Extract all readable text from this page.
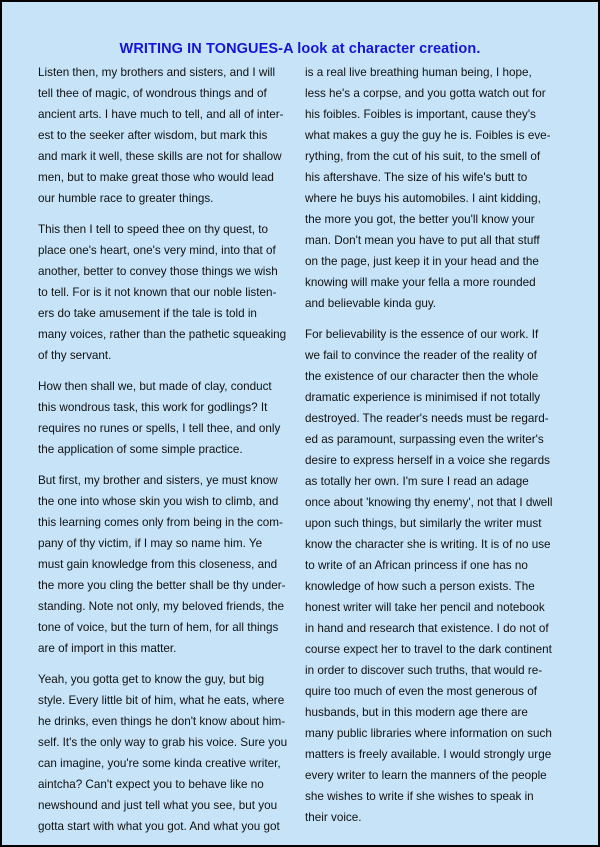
WRITING IN TONGUES-A look at character creation.

Listen then, my brothers and sisters, and I will
tell thee of magic, of wondrous things and of
ancient arts. I have much to tell, and all of inter-
est to the seeker after wisdom, but mark this
and mark it well, these skills are not for shallow
men, but to make great those who would lead
our humble race to greater things.

This then I tell to speed thee on thy quest, to
place one's heart, one's very mind, into that of
another, better to convey those things we wish
to tell. For is it not known that our noble listen-
ers do take amusement if the tale is told in
many voices, rather than the pathetic squeaking
of thy servant.

How then shall we, but made of clay, conduct
this wondrous task, this work for godlings? It
requires no runes or spells, I tell thee, and only
the application of some simple practice.

But first, my brother and sisters, ye must know
the one into whose skin you wish to climb, and
this learning comes only from being in the com-
pany of thy victim, if I may so name him. Ye
must gain knowledge from this closeness, and
the more you cling the better shall be thy under-
standing. Note not only, my beloved friends, the
tone of voice, but the turn of hem, for all things
are of import in this matter.

Yeah, you gotta get to know the guy, but big
style. Every little bit of him, what he eats, where
he drinks, even things he don't know about him-
self. It's the only way to grab his voice. Sure you
can imagine, you're some kinda creative writer,
aintcha? Can't expect you to behave like no
newshound and just tell what you see, but you
gotta start with what you got. And what you got

is a real live breathing human being, I hope,
less he's a corpse, and you gotta watch out for
his foibles. Foibles is important, cause they's
what makes a guy the guy he is. Foibles is eve-
rything, from the cut of his suit, to the smell of
his aftershave. The size of his wife's butt to
where he buys his automobiles. I aint kidding,
the more you got, the better you'll know your
man. Don't mean you have to put all that stuff
on the page, just keep it in your head and the
knowing will make your fella a more rounded
and believable kinda guy.

For believability is the essence of our work. If
we fail to convince the reader of the reality of
the existence of our character then the whole
dramatic experience is minimised if not totally
destroyed. The reader's needs must be regard-
ed as paramount, surpassing even the writer's
desire to express herself in a voice she regards
as totally her own. I'm sure I read an adage
once about 'knowing thy enemy', not that I dwell
upon such things, but similarly the writer must
know the character she is writing. It is of no use
to write of an African princess if one has no
knowledge of how such a person exists. The
honest writer will take her pencil and notebook
in hand and research that existence. I do not of
course expect her to travel to the dark continent
in order to discover such truths, that would re-
quire too much of even the most generous of
husbands, but in this modern age there are
many public libraries where information on such
matters is freely available. I would strongly urge
every writer to learn the manners of the people
she wishes to write if she wishes to speak in
their voice.
